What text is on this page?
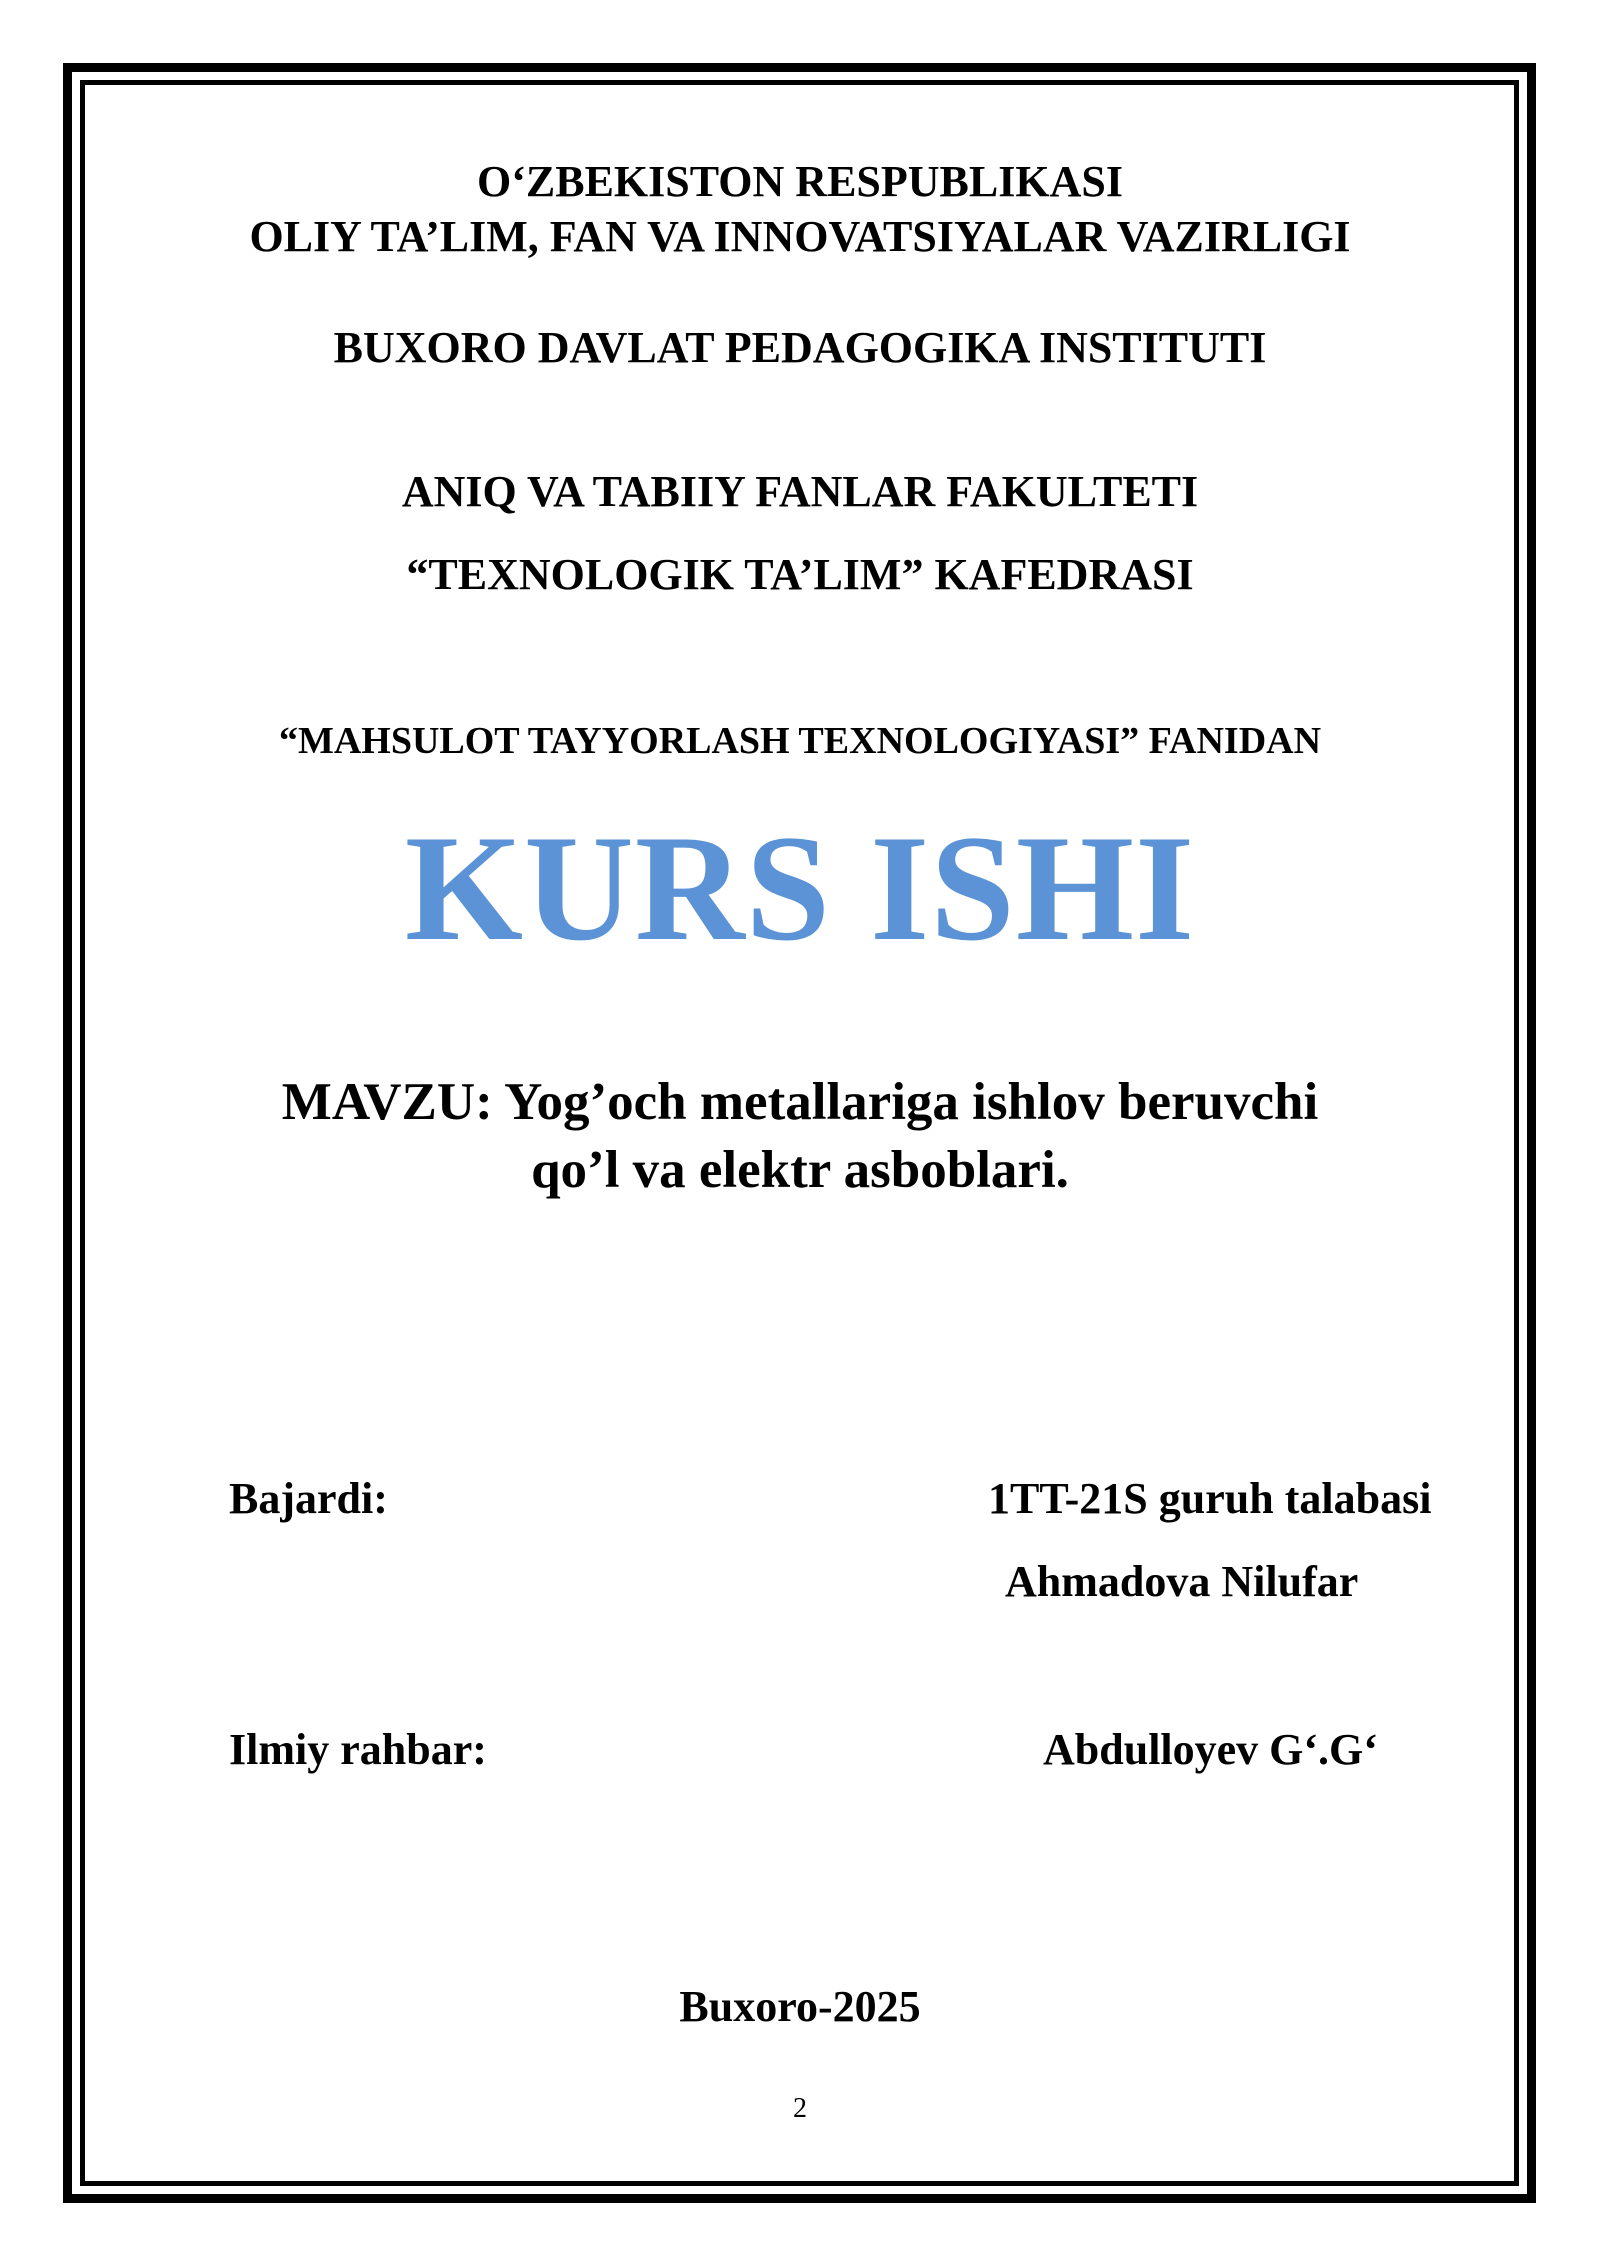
O‘ZBEKISTON RESPUBLIKASI
OLIY TA’LIM, FAN VA INNOVATSIYALAR VAZIRLIGI
BUXORO DAVLAT PEDAGOGIKA INSTITUTI
ANIQ VA TABIIY FANLAR FAKULTETI
“TEXNOLOGIK TA’LIM” KAFEDRASI
“MAHSULOT TAYYORLASH TEXNOLOGIYASI” FANIDAN
KURS ISHI
MAVZU: Yog’och metallariga ishlov beruvchi
qo’l va elektr asboblari.
Bajardi:	1TT-21S guruh talabasi
Ahmadova Nilufar
Ilmiy rahbar:	Abdulloyev G‘.G‘
Buxoro-2025
2
